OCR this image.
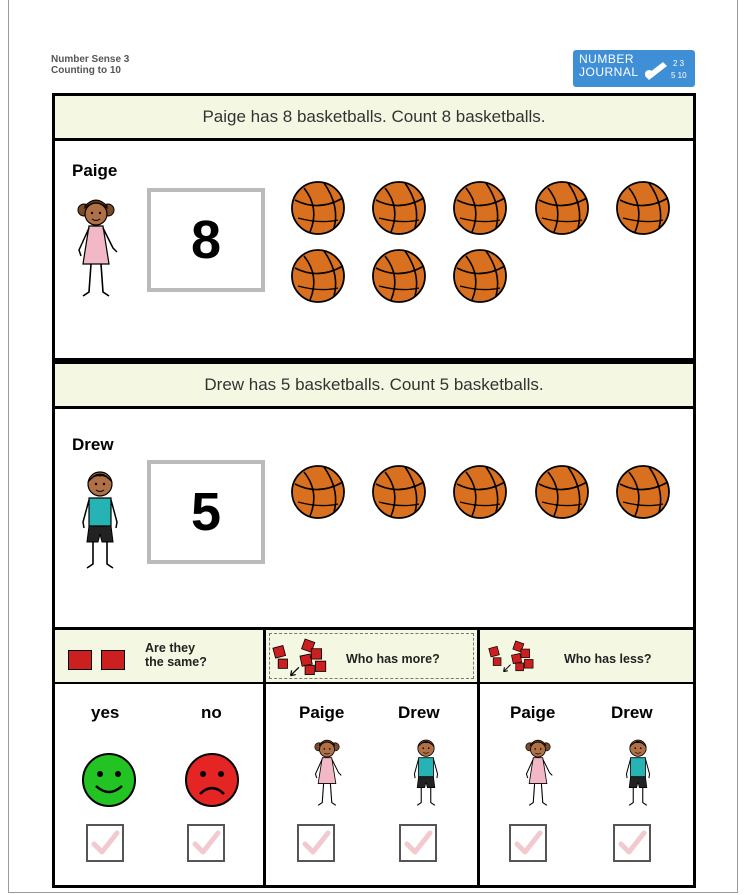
Number Sense 3
Counting to 10
NUMBER
JOURNAL
2 3
5 10
Paige has 8 basketballs. Count 8 basketballs.
Paige
8
Drew has 5 basketballs. Count 5 basketballs.
Drew
5
Are they
the same?
yes	no
Who has more?
Paige	Drew
Who has less?
Paige	Drew
